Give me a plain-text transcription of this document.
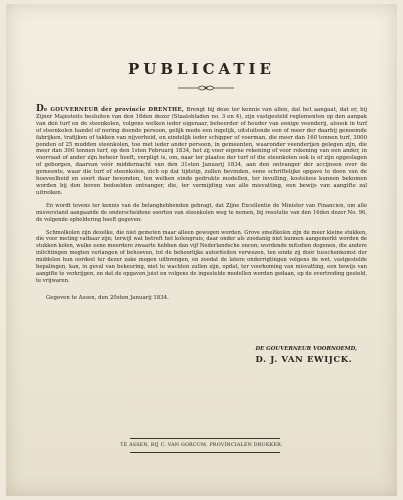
PUBLICATIE

De GOUVERNEUR der provincie DRENTHE, Brengt bij deze ter kennis van allen, dat het aangaat, dat er, bij Zijner Majesteits besluiten van den 16den dezer (Staatsbladen no. 3 en 4), zijn vastgesteld reglementen op den aanpak van den turf en de steenkolen, volgens welken ieder eigenaar, beheerder of houder van eenige veenderij, alsook in turf of steenkolen handel of nering doende persoon, gelijk mede een ingelijk, uitsluitende een of meer der daarbij genoemde fabrijken, trafijken of takken van nijverheid, en eindelijk ieder schipper of voerman, die meer dan 160 tonnen turf, 3000 ponden of 25 mudden steenkolen, toe met ieder ander persoon, in gemeenten, waaronder veenderijen gelegen zijn, die meer dan 300 tonnen turf, op den 1sten Februarij 1834, het zij voor eigene rekening of voor rekening van een ander, in voorraad of ander zijn beheer heeft, verpligt is, om, naar ter plaatse der turf of die steenkolen ook is of zijn opgeslagen of geborgen, daarvan vóór middernacht van den 31sten Januarij 1834, aan den ontvanger der accijnsen over de gemeente, waar die turf of steenkolen, zich op dat tijdstip, zullen bevinden, eene schriftelijke opgave te doen van de hoeveelheid en soort daar bevonden, ten welken einde gedrukte modellen, ter invulling, kosteloos kunnen bekomen worden bij den boven bedoelden ontvanger, die, ter vermijding van alle misvatting, een bewijs van aangifte zal uitreiken.

En wordt tevens ter kennis van de belanghebbenden gebragt, dat Zijne Excellentie de Minister van Financien, om alle misverstand aangaande de onderscheidene soorten van steenkolen weg te nemen, bij resolutie van den 16den dezer No. 96, de volgende opheldering heeft gegeven:

Schmolkolen zijn dezelke, die niet gemeten maar alleen gewogen worden. Grove smeltkolen zijn de meer kleine stukken, die voor meting vatbaar zijn; terwijl wat betreft het kolengruis, daar onder als zoodanig niet kunnen aangemerkt worden de stukken kolen, welke eene meerdere zwaarte hebben dan vijf Nederlandsche oncen; wordende mitsdien degenen, die andere inlichtingen mogten verlangen of behoeven, tot de behoorlijke autoriteiten verwezen, ten einde zij door tusschenkomst der middelen hun oordeel ter dezer zake mogen uitbrengen, en zoodat de latere onderrigtingen volgens de wet, vastgestelde bepalingen, kan, in geval van bekeuring, niet te wachten zullen zijn, opdat, ter voorkoming van misvatting, een bewijs van aangifte te verkrijgen, en dat de opgaven juist en volgens de ingestelde modellen worden gedaan, op de overtreding gesteld, te vrijwaren.

Gegeven te Assen, den 20sten Januarij 1834.
DE GOUVERNEUR VOORNOEMD,
D. J. VAN EWIJCK.
TE ASSEN, BIJ C. VAN GORCUM, PROVINCIALEN DRUKKER.
